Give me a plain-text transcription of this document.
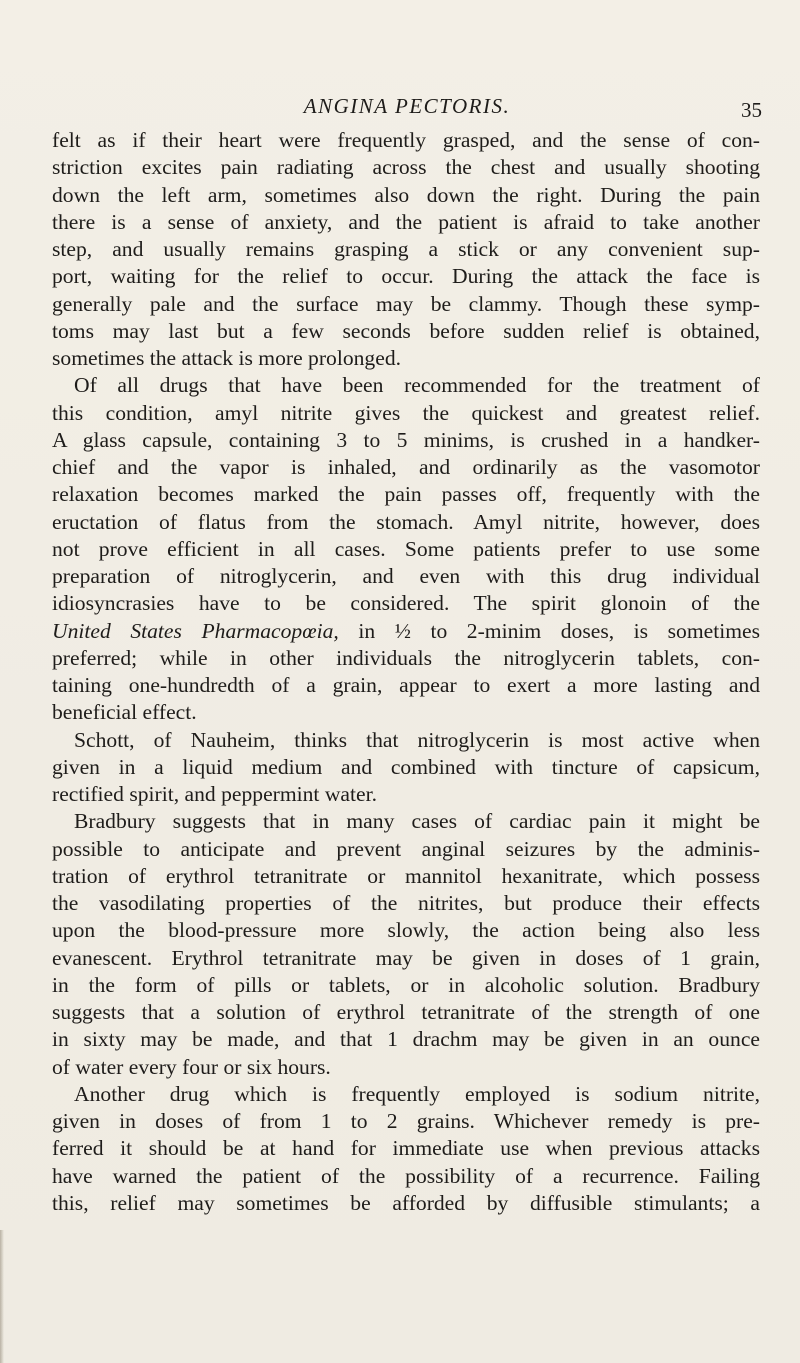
ANGINA PECTORIS.	35
felt as if their heart were frequently grasped, and the sense of con-
striction excites pain radiating across the chest and usually shooting
down the left arm, sometimes also down the right. During the pain
there is a sense of anxiety, and the patient is afraid to take another
step, and usually remains grasping a stick or any convenient sup-
port, waiting for the relief to occur. During the attack the face is
generally pale and the surface may be clammy. Though these symp-
toms may last but a few seconds before sudden relief is obtained,
sometimes the attack is more prolonged.
Of all drugs that have been recommended for the treatment of
this condition, amyl nitrite gives the quickest and greatest relief.
A glass capsule, containing 3 to 5 minims, is crushed in a handker-
chief and the vapor is inhaled, and ordinarily as the vasomotor
relaxation becomes marked the pain passes off, frequently with the
eructation of flatus from the stomach. Amyl nitrite, however, does
not prove efficient in all cases. Some patients prefer to use some
preparation of nitroglycerin, and even with this drug individual
idiosyncrasies have to be considered. The spirit glonoin of the
United States Pharmacopœia, in ½ to 2-minim doses, is sometimes
preferred; while in other individuals the nitroglycerin tablets, con-
taining one-hundredth of a grain, appear to exert a more lasting and
beneficial effect.
Schott, of Nauheim, thinks that nitroglycerin is most active when
given in a liquid medium and combined with tincture of capsicum,
rectified spirit, and peppermint water.
Bradbury suggests that in many cases of cardiac pain it might be
possible to anticipate and prevent anginal seizures by the adminis-
tration of erythrol tetranitrate or mannitol hexanitrate, which possess
the vasodilating properties of the nitrites, but produce their effects
upon the blood-pressure more slowly, the action being also less
evanescent. Erythrol tetranitrate may be given in doses of 1 grain,
in the form of pills or tablets, or in alcoholic solution. Bradbury
suggests that a solution of erythrol tetranitrate of the strength of one
in sixty may be made, and that 1 drachm may be given in an ounce
of water every four or six hours.
Another drug which is frequently employed is sodium nitrite,
given in doses of from 1 to 2 grains. Whichever remedy is pre-
ferred it should be at hand for immediate use when previous attacks
have warned the patient of the possibility of a recurrence. Failing
this, relief may sometimes be afforded by diffusible stimulants; a
